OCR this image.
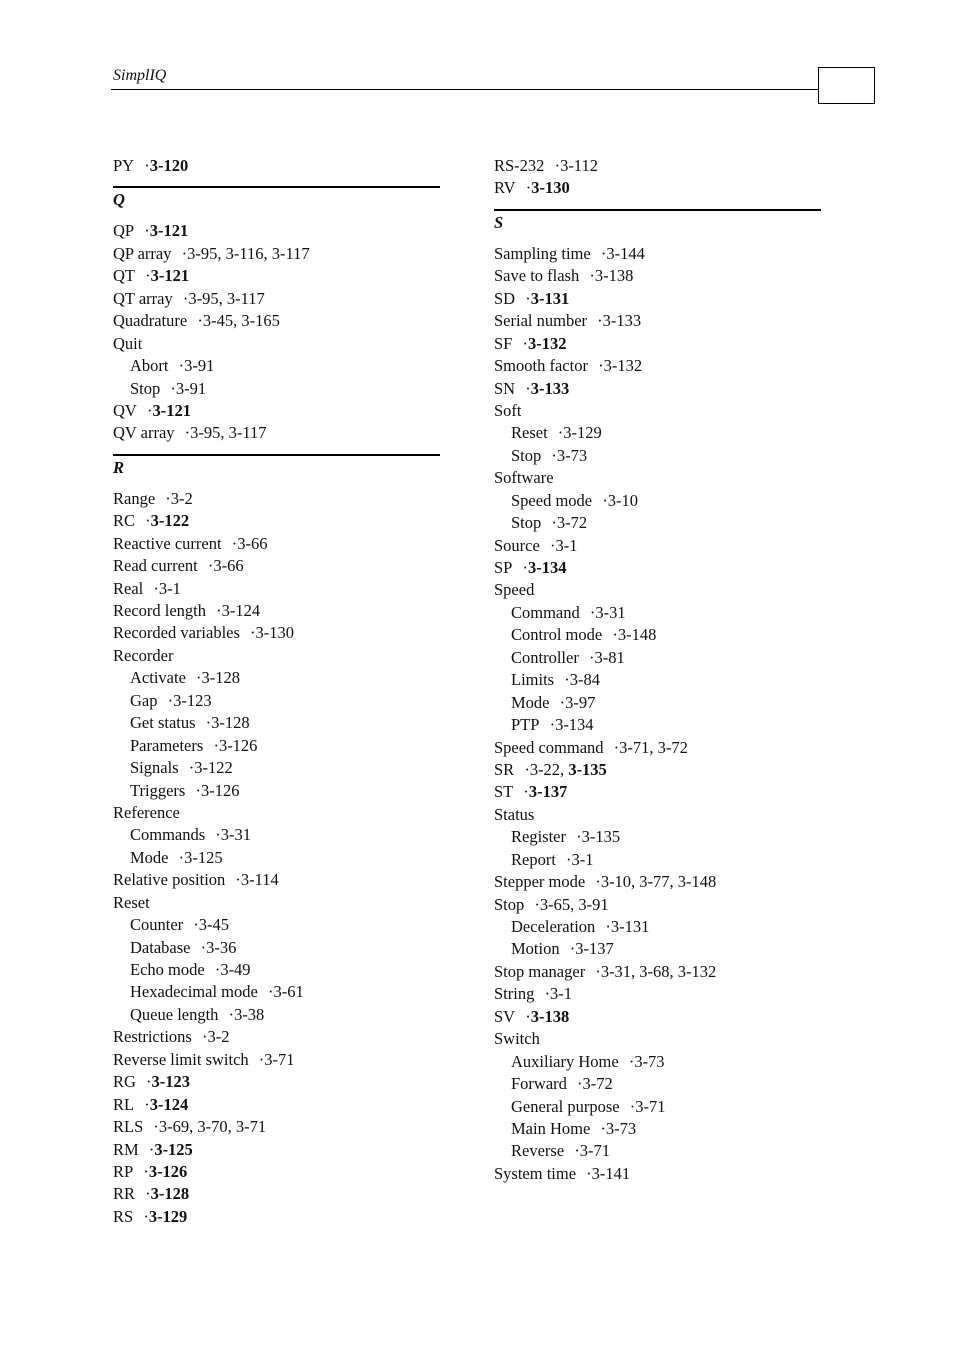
SimplIQ
PY ·3-120
Q
QP ·3-121
QP array ·3-95, 3-116, 3-117
QT ·3-121
QT array ·3-95, 3-117
Quadrature ·3-45, 3-165
Quit
Abort ·3-91
Stop ·3-91
QV ·3-121
QV array ·3-95, 3-117
R
Range ·3-2
RC ·3-122
Reactive current ·3-66
Read current ·3-66
Real ·3-1
Record length ·3-124
Recorded variables ·3-130
Recorder
Activate ·3-128
Gap ·3-123
Get status ·3-128
Parameters ·3-126
Signals ·3-122
Triggers ·3-126
Reference
Commands ·3-31
Mode ·3-125
Relative position ·3-114
Reset
Counter ·3-45
Database ·3-36
Echo mode ·3-49
Hexadecimal mode ·3-61
Queue length ·3-38
Restrictions ·3-2
Reverse limit switch ·3-71
RG ·3-123
RL ·3-124
RLS ·3-69, 3-70, 3-71
RM ·3-125
RP ·3-126
RR ·3-128
RS ·3-129
RS-232 ·3-112
RV ·3-130
S
Sampling time ·3-144
Save to flash ·3-138
SD ·3-131
Serial number ·3-133
SF ·3-132
Smooth factor ·3-132
SN ·3-133
Soft
Reset ·3-129
Stop ·3-73
Software
Speed mode ·3-10
Stop ·3-72
Source ·3-1
SP ·3-134
Speed
Command ·3-31
Control mode ·3-148
Controller ·3-81
Limits ·3-84
Mode ·3-97
PTP ·3-134
Speed command ·3-71, 3-72
SR ·3-22, 3-135
ST ·3-137
Status
Register ·3-135
Report ·3-1
Stepper mode ·3-10, 3-77, 3-148
Stop ·3-65, 3-91
Deceleration ·3-131
Motion ·3-137
Stop manager ·3-31, 3-68, 3-132
String ·3-1
SV ·3-138
Switch
Auxiliary Home ·3-73
Forward ·3-72
General purpose ·3-71
Main Home ·3-73
Reverse ·3-71
System time ·3-141
